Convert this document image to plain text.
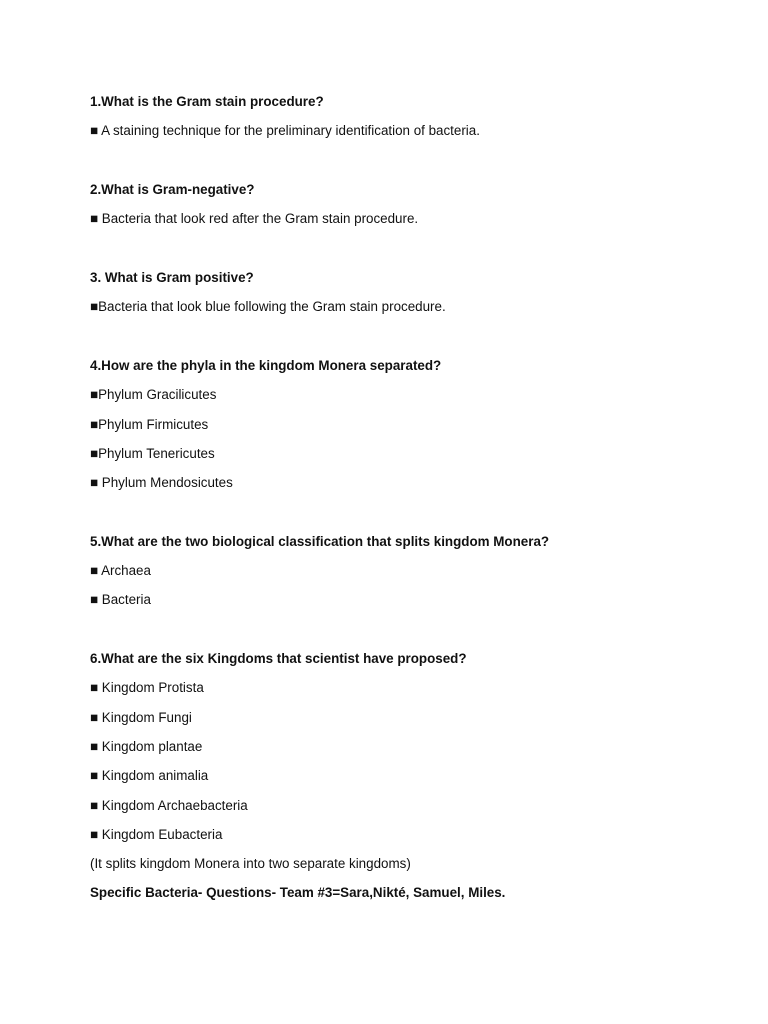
1.What is the Gram stain procedure?
■ A staining technique for the preliminary identification of bacteria.
2.What is Gram-negative?
■ Bacteria that look red after the Gram stain procedure.
3. What is Gram positive?
■Bacteria that look blue following the Gram stain procedure.
4.How are the phyla in the kingdom Monera separated?
■Phylum Gracilicutes
■Phylum Firmicutes
■Phylum Tenericutes
■ Phylum Mendosicutes
5.What are the two biological classification that splits kingdom Monera?
■ Archaea
■ Bacteria
6.What are the six Kingdoms that scientist have proposed?
■ Kingdom Protista
■ Kingdom Fungi
■ Kingdom plantae
■ Kingdom animalia
■ Kingdom Archaebacteria
■ Kingdom Eubacteria
(It splits kingdom Monera into two separate kingdoms)
Specific Bacteria- Questions- Team #3=Sara,Nikté, Samuel, Miles.
